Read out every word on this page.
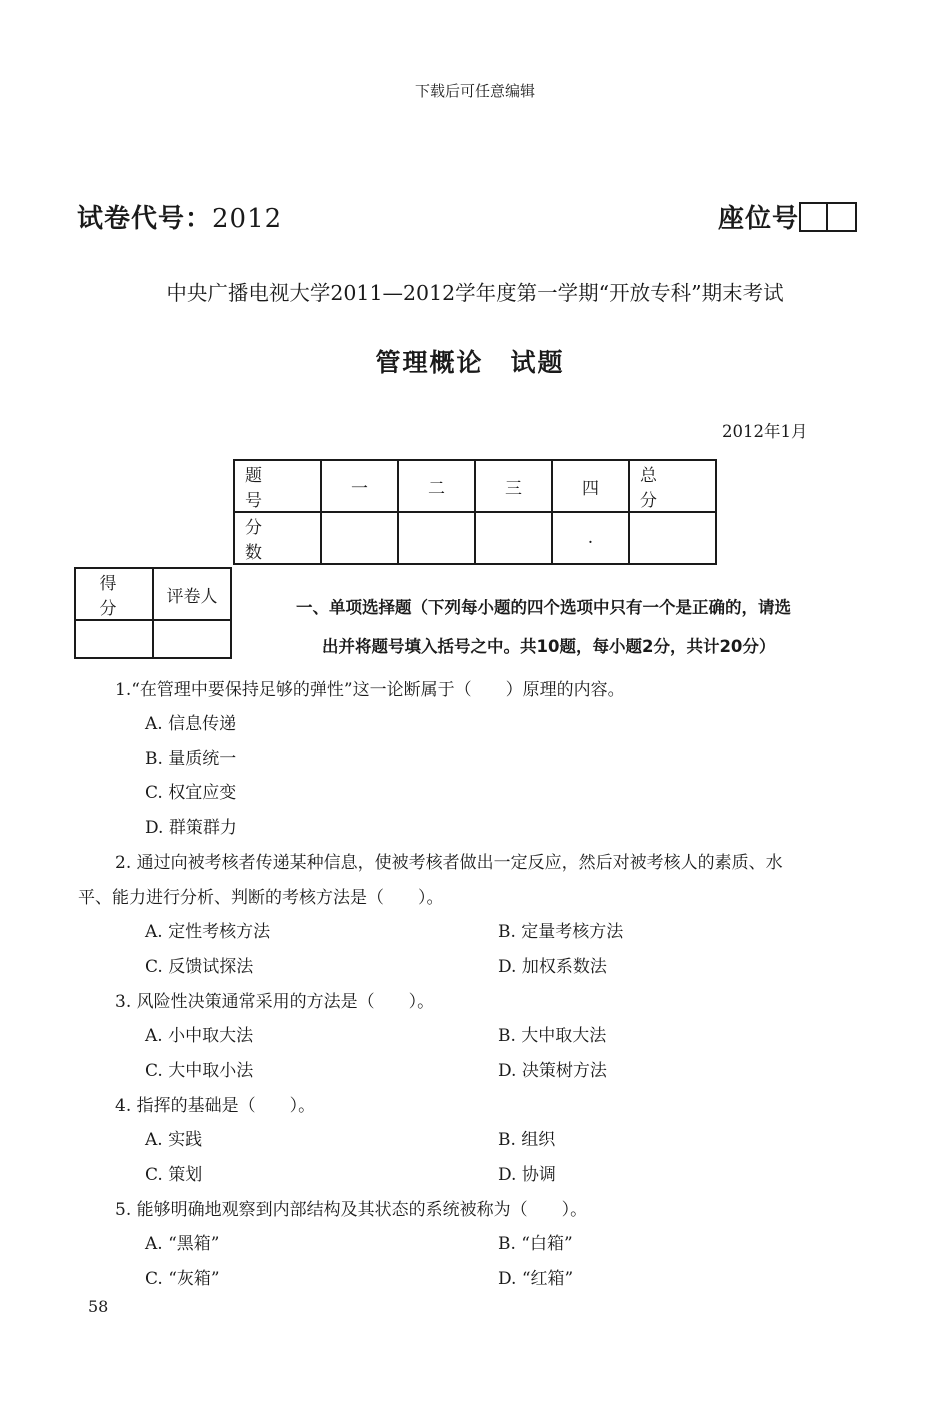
下载后可任意编辑
试卷代号：2012	座位号
中央广播电视大学2011—2012学年度第一学期“开放专科”期末考试
管理概论　试题
2012年1月
题　号	一	二	三	四	总　分
分　数				.	
得　分	评卷人

一、单项选择题（下列每小题的四个选项中只有一个是正确的，请选
出并将题号填入括号之中。共10题，每小题2分，共计20分）
1.“在管理中要保持足够的弹性”这一论断属于（　　）原理的内容。
A. 信息传递
B. 量质统一
C. 权宜应变
D. 群策群力
2. 通过向被考核者传递某种信息，使被考核者做出一定反应，然后对被考核人的素质、水
平、能力进行分析、判断的考核方法是（　　）。
A. 定性考核方法	B. 定量考核方法
C. 反馈试探法	D. 加权系数法
3. 风险性决策通常采用的方法是（　　）。
A. 小中取大法	B. 大中取大法
C. 大中取小法	D. 决策树方法
4. 指挥的基础是（　　）。
A. 实践	B. 组织
C. 策划	D. 协调
5. 能够明确地观察到内部结构及其状态的系统被称为（　　）。
A. “黑箱”	B. “白箱”
C. “灰箱”	D. “红箱”
58
